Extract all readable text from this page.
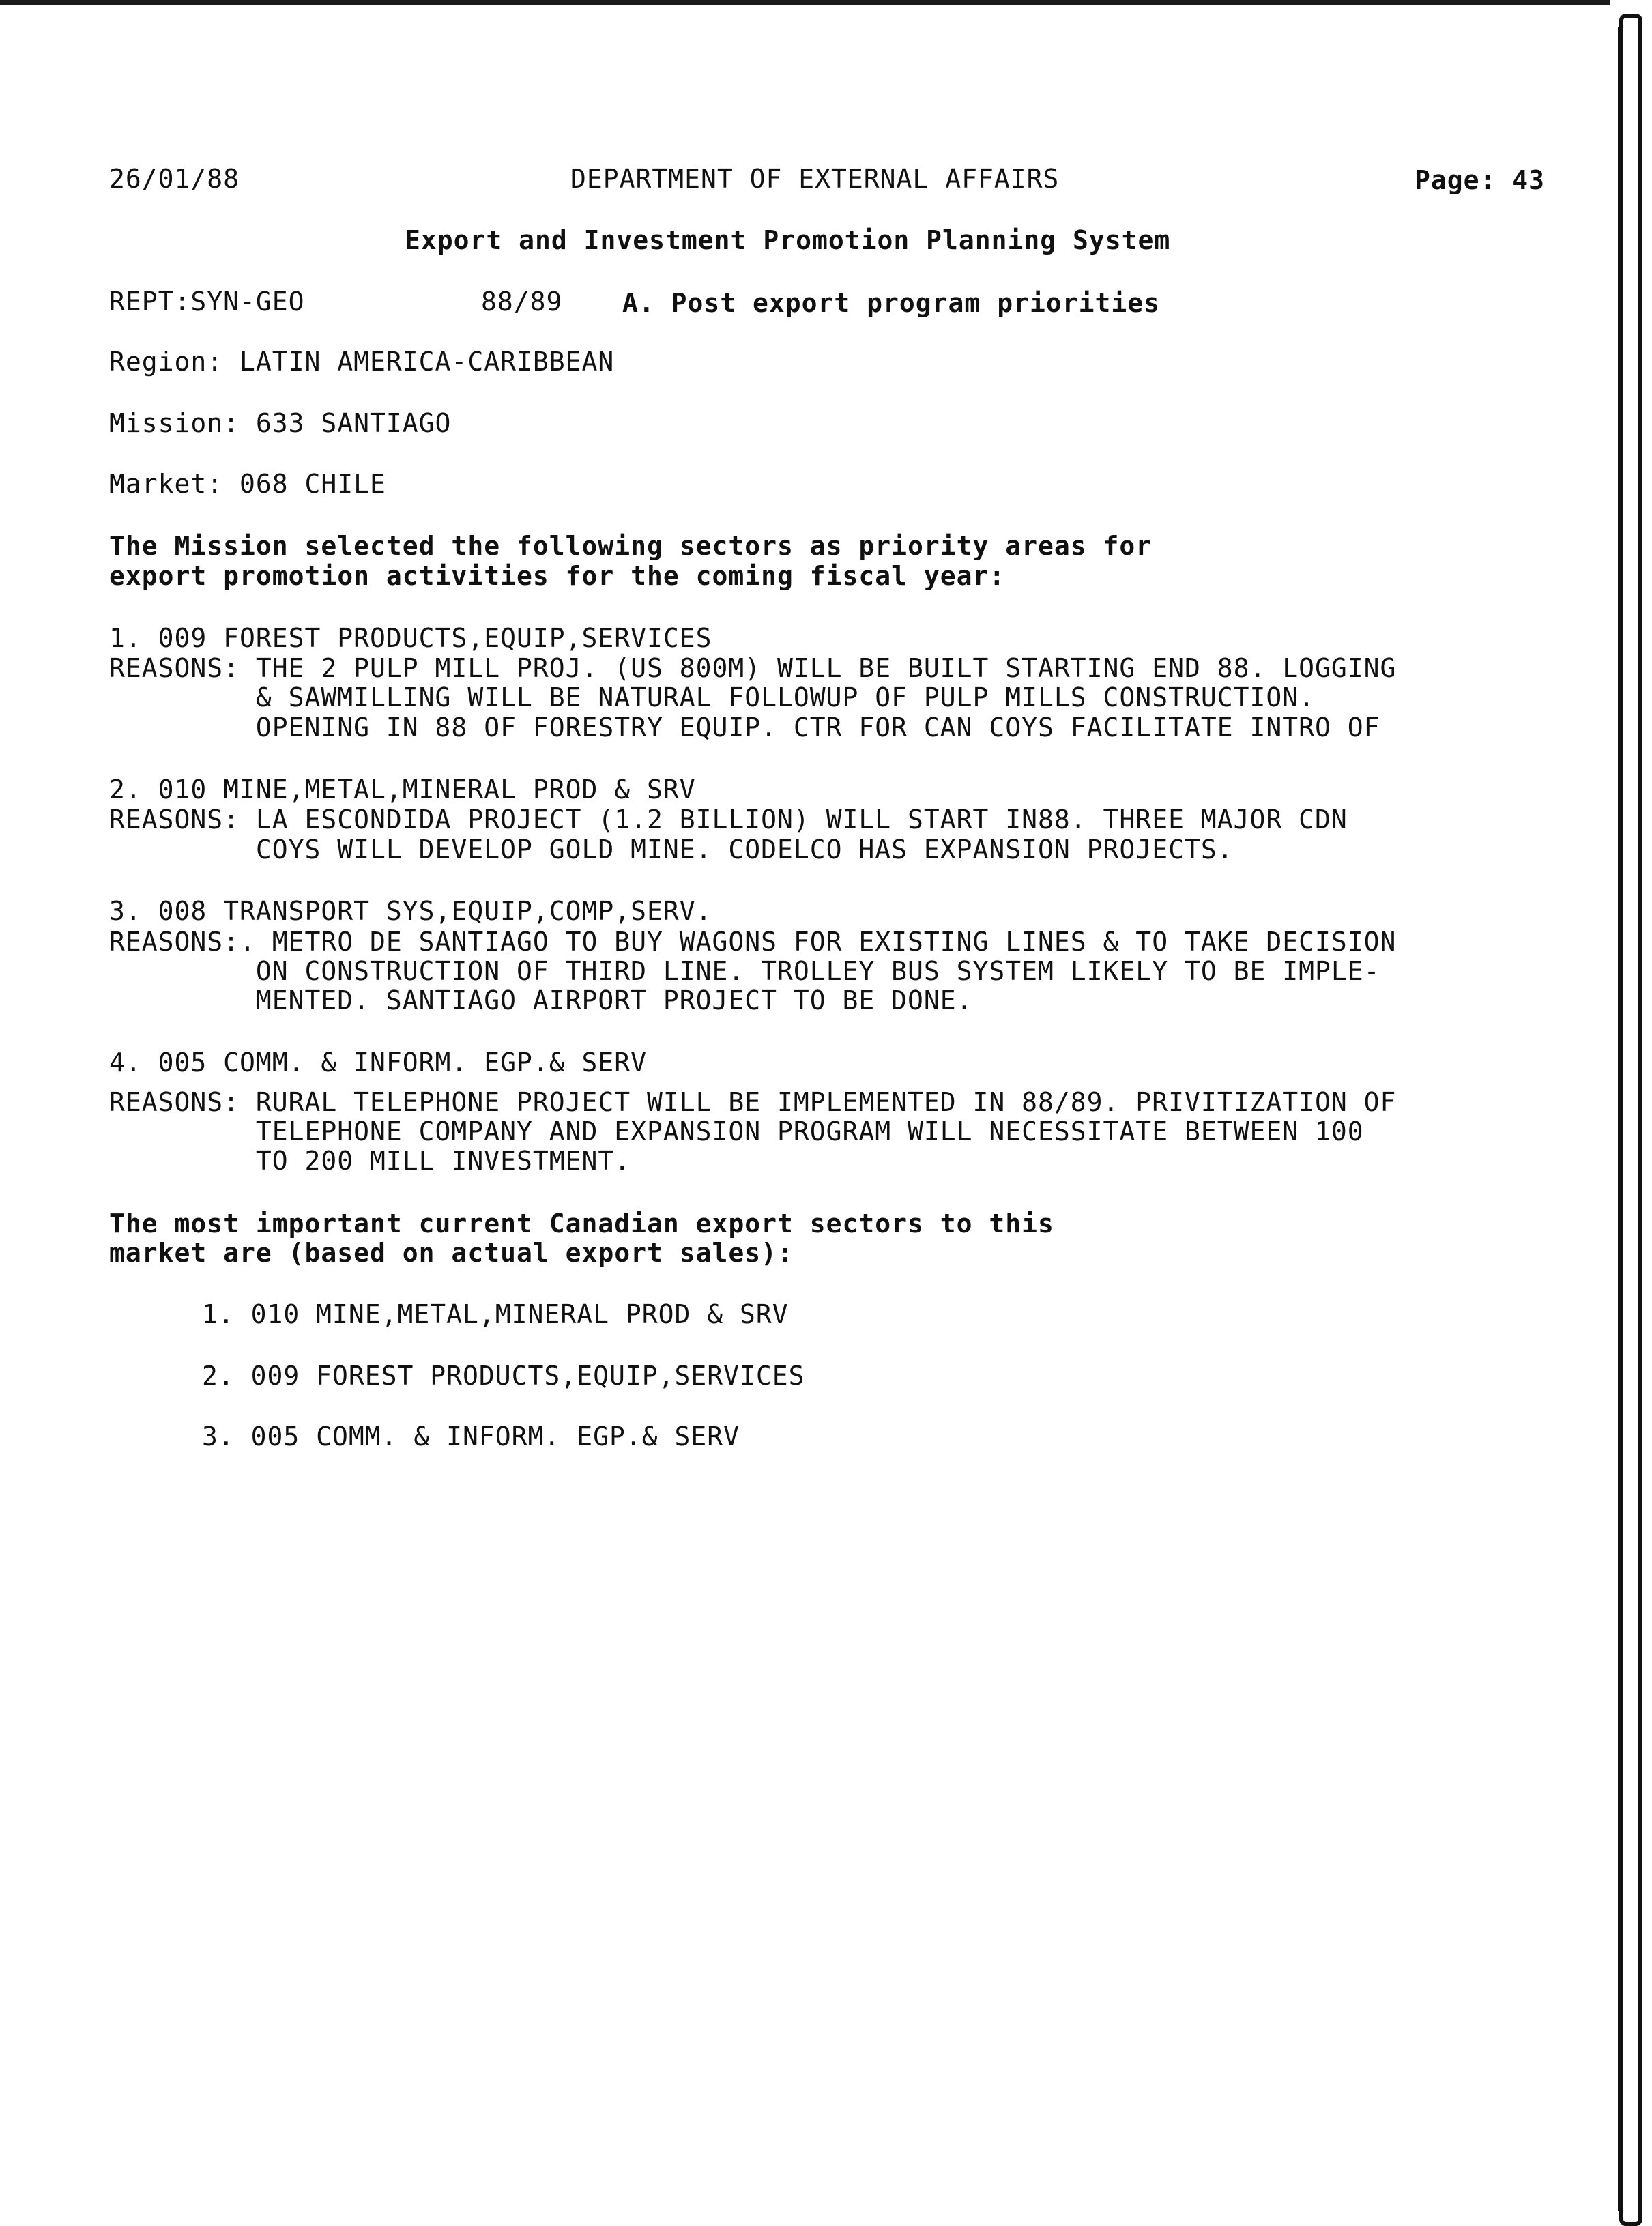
26/01/88	DEPARTMENT OF EXTERNAL AFFAIRS	Page: 43
Export and Investment Promotion Planning System
REPT:SYN-GEO	88/89 A. Post export program priorities
Region: LATIN AMERICA-CARIBBEAN
Mission: 633 SANTIAGO
Market: 068 CHILE
The Mission selected the following sectors as priority areas for
export promotion activities for the coming fiscal year:
1. 009 FOREST PRODUCTS,EQUIP,SERVICES
REASONS: THE 2 PULP MILL PROJ. (US 800M) WILL BE BUILT STARTING END 88. LOGGING
& SAWMILLING WILL BE NATURAL FOLLOWUP OF PULP MILLS CONSTRUCTION.
OPENING IN 88 OF FORESTRY EQUIP. CTR FOR CAN COYS FACILITATE INTRO OF
2. 010 MINE,METAL,MINERAL PROD & SRV
REASONS: LA ESCONDIDA PROJECT (1.2 BILLION) WILL START IN88. THREE MAJOR CDN
COYS WILL DEVELOP GOLD MINE. CODELCO HAS EXPANSION PROJECTS.
3. 008 TRANSPORT SYS,EQUIP,COMP,SERV.
REASONS:. METRO DE SANTIAGO TO BUY WAGONS FOR EXISTING LINES & TO TAKE DECISION
ON CONSTRUCTION OF THIRD LINE. TROLLEY BUS SYSTEM LIKELY TO BE IMPLE-
MENTED. SANTIAGO AIRPORT PROJECT TO BE DONE.
4. 005 COMM. & INFORM. EGP.& SERV
REASONS: RURAL TELEPHONE PROJECT WILL BE IMPLEMENTED IN 88/89. PRIVITIZATION OF
TELEPHONE COMPANY AND EXPANSION PROGRAM WILL NECESSITATE BETWEEN 100
TO 200 MILL INVESTMENT.
The most important current Canadian export sectors to this
market are (based on actual export sales):
1. 010 MINE,METAL,MINERAL PROD & SRV
2. 009 FOREST PRODUCTS,EQUIP,SERVICES
3. 005 COMM. & INFORM. EGP.& SERV
